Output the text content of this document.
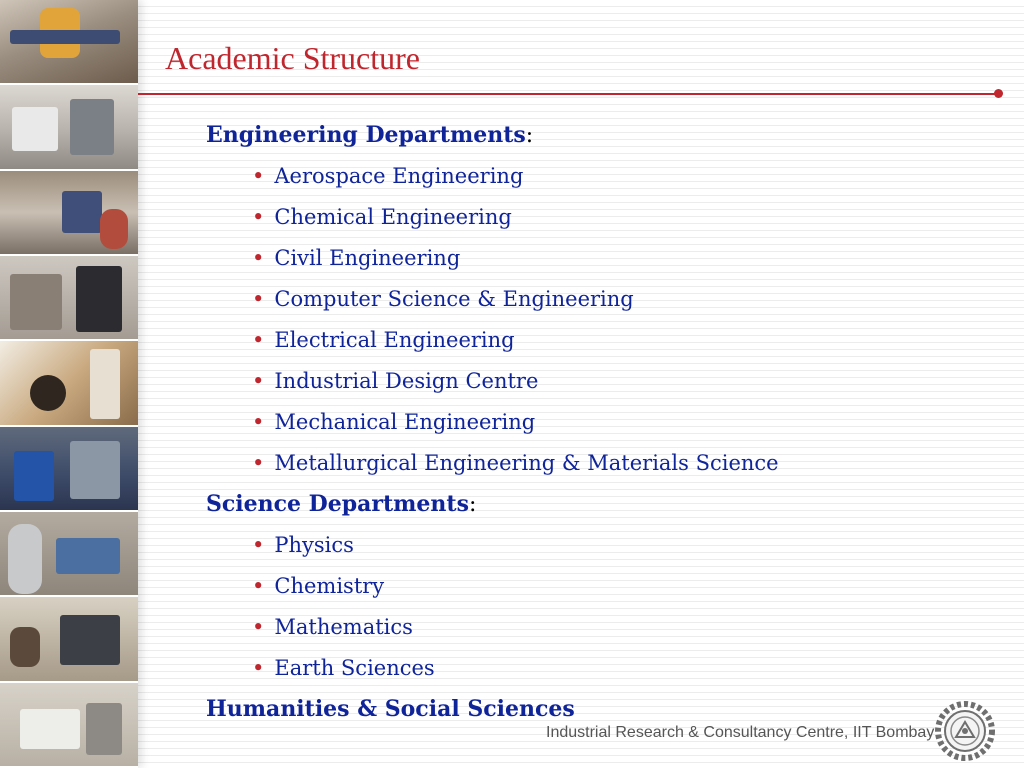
Academic Structure
Engineering Departments:
• Aerospace Engineering
• Chemical Engineering
• Civil Engineering
• Computer Science & Engineering
• Electrical Engineering
• Industrial Design Centre
• Mechanical Engineering
• Metallurgical Engineering & Materials Science
Science Departments:
• Physics
• Chemistry
• Mathematics
• Earth Sciences
Humanities & Social Sciences
Industrial Research & Consultancy Centre, IIT Bombay
